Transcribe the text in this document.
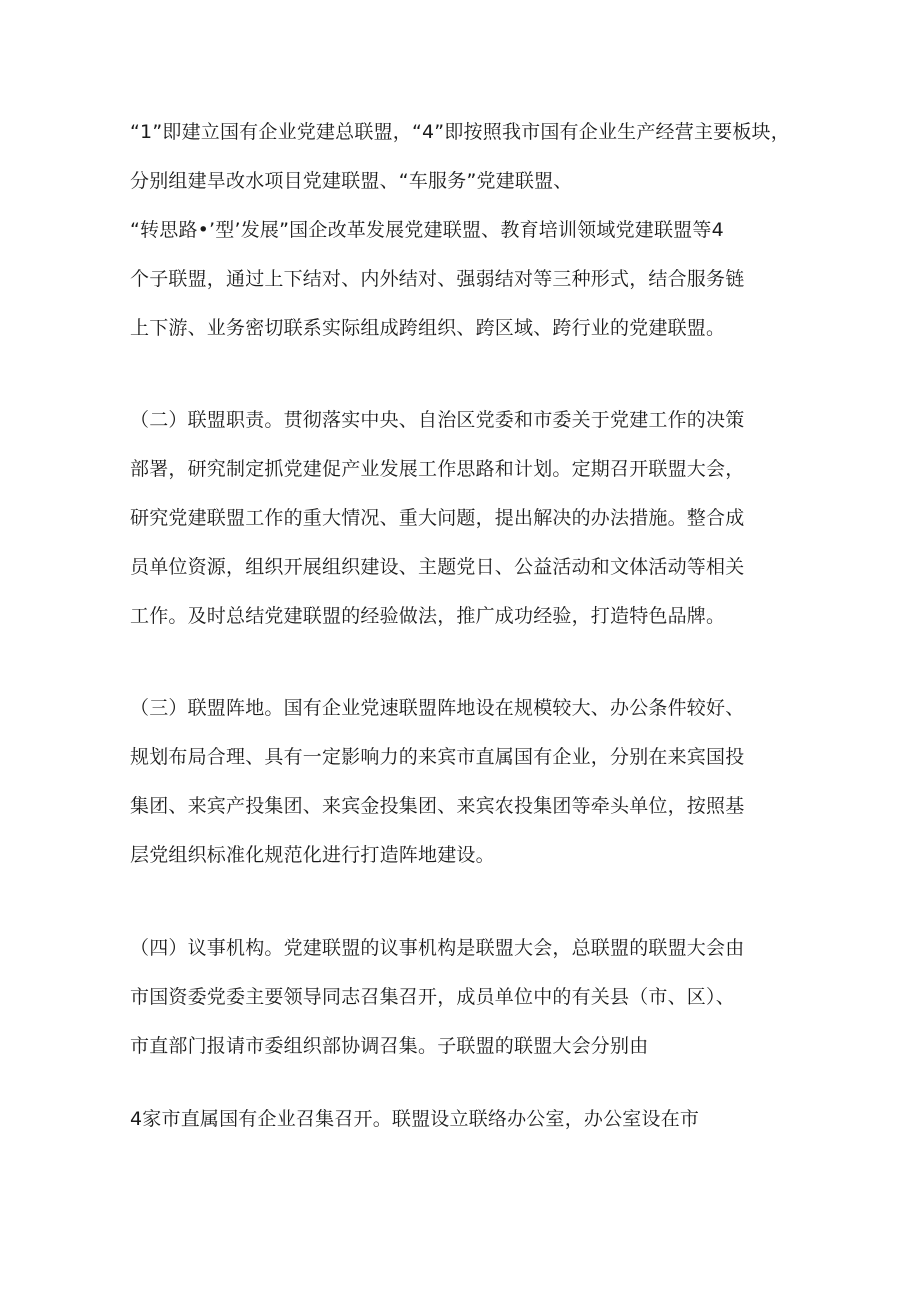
“1”即建立国有企业党建总联盟，“4”即按照我市国有企业生产经营主要板块，
分别组建旱改水项目党建联盟、“车服务”党建联盟、
“转思路•’型’发展”国企改革发展党建联盟、教育培训领域党建联盟等4
个子联盟，通过上下结对、内外结对、强弱结对等三种形式，结合服务链
上下游、业务密切联系实际组成跨组织、跨区域、跨行业的党建联盟。
（二）联盟职责。贯彻落实中央、自治区党委和市委关于党建工作的决策
部署，研究制定抓党建促产业发展工作思路和计划。定期召开联盟大会，
研究党建联盟工作的重大情况、重大问题，提出解决的办法措施。整合成
员单位资源，组织开展组织建设、主题党日、公益活动和文体活动等相关
工作。及时总结党建联盟的经验做法，推广成功经验，打造特色品牌。
（三）联盟阵地。国有企业党速联盟阵地设在规模较大、办公条件较好、
规划布局合理、具有一定影响力的来宾市直属国有企业，分别在来宾国投
集团、来宾产投集团、来宾金投集团、来宾农投集团等牵头单位，按照基
层党组织标准化规范化进行打造阵地建设。
（四）议事机构。党建联盟的议事机构是联盟大会，总联盟的联盟大会由
市国资委党委主要领导同志召集召开，成员单位中的有关县（市、区）、
市直部门报请市委组织部协调召集。子联盟的联盟大会分别由
4家市直属国有企业召集召开。联盟设立联络办公室，办公室设在市
